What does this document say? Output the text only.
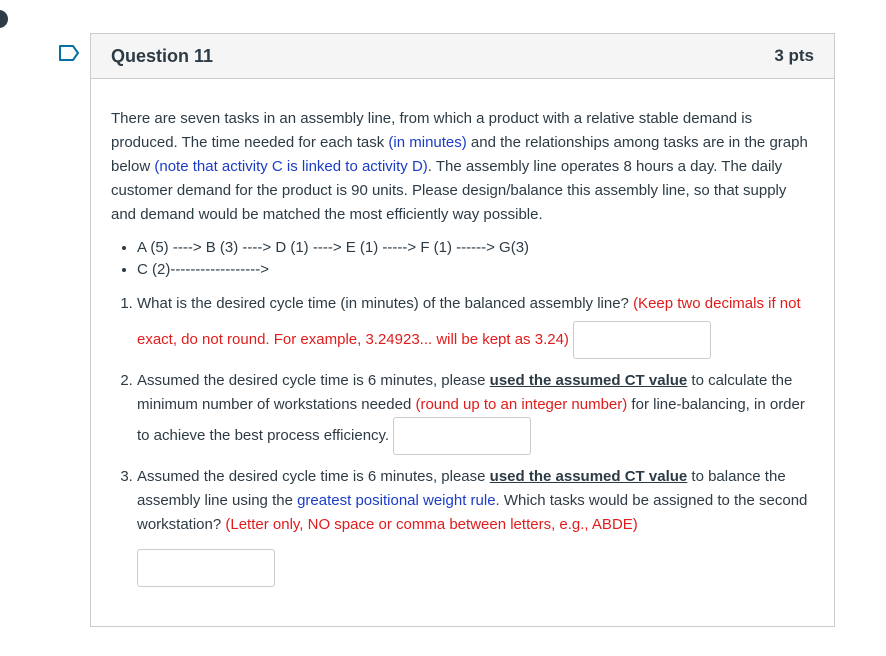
Question 11	3 pts

There are seven tasks in an assembly line, from which a product with a relative stable demand is produced. The time needed for each task (in minutes) and the relationships among tasks are in the graph below (note that activity C is linked to activity D). The assembly line operates 8 hours a day. The daily customer demand for the product is 90 units. Please design/balance this assembly line, so that supply and demand would be matched the most efficiently way possible.

• A (5) ----> B (3) ----> D (1) ----> E (1) -----> F (1) ------> G(3)
• C (2)------------------>
1. What is the desired cycle time (in minutes) of the balanced assembly line? (Keep two decimals if not exact, do not round. For example, 3.24923... will be kept as 3.24)
2. Assumed the desired cycle time is 6 minutes, please used the assumed CT value to calculate the minimum number of workstations needed (round up to an integer number) for line-balancing, in order to achieve the best process efficiency.
3. Assumed the desired cycle time is 6 minutes, please used the assumed CT value to balance the assembly line using the greatest positional weight rule. Which tasks would be assigned to the second workstation? (Letter only, NO space or comma between letters, e.g., ABDE)
